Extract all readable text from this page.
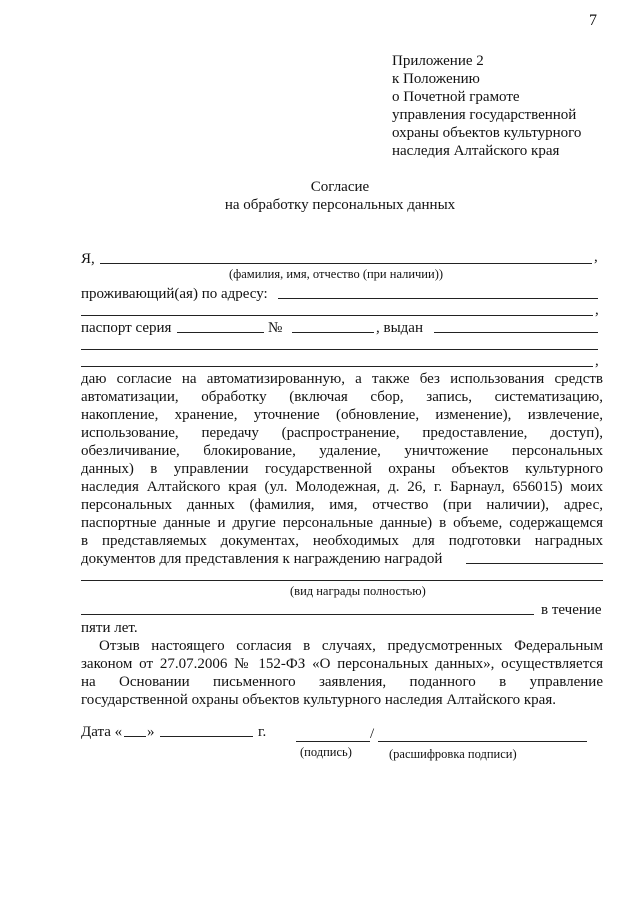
7
Приложение 2
к Положению
о Почетной грамоте
управления государственной
охраны объектов культурного
наследия Алтайского края
Согласие
на обработку персональных данных
Я,	,
(фамилия, имя, отчество (при наличии))
проживающий(ая) по адресу:
,
паспорт серия	№	, выдан
,
даю согласие на автоматизированную, а также без использования средств
автоматизации, обработку (включая сбор, запись, систематизацию,
накопление, хранение, уточнение (обновление, изменение), извлечение,
использование, передачу (распространение, предоставление, доступ),
обезличивание, блокирование, удаление, уничтожение персональных
данных) в управлении государственной охраны объектов культурного
наследия Алтайского края (ул. Молодежная, д. 26, г. Барнаул, 656015) моих
персональных данных (фамилия, имя, отчество (при наличии), адрес,
паспортные данные и другие персональные данные) в объеме, содержащемся
в представляемых документах, необходимых для подготовки наградных
документов для представления к награждению наградой
(вид награды полностью)
в течение
пяти лет.
Отзыв настоящего согласия в случаях, предусмотренных Федеральным
законом от 27.07.2006 № 152-ФЗ «О персональных данных», осуществляется
на Основании письменного заявления, поданного в управление
государственной охраны объектов культурного наследия Алтайского края.
Дата « »	г.	/
(подпись)	(расшифровка подписи)
